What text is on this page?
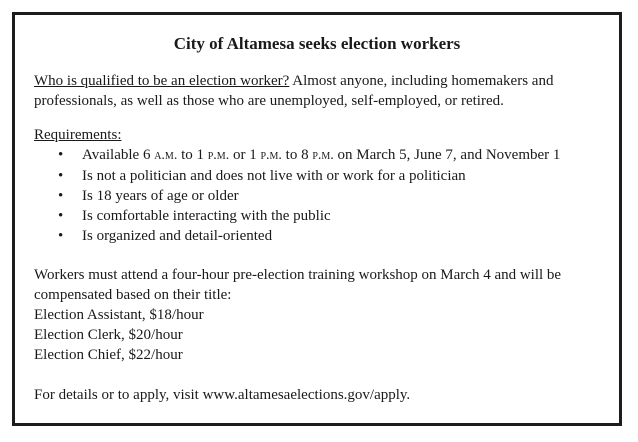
City of Altamesa seeks election workers

Who is qualified to be an election worker? Almost anyone, including homemakers and professionals, as well as those who are unemployed, self-employed, or retired.

Requirements:
• Available 6 a.m. to 1 p.m. or 1 p.m. to 8 p.m. on March 5, June 7, and November 1
• Is not a politician and does not live with or work for a politician
• Is 18 years of age or older
• Is comfortable interacting with the public
• Is organized and detail-oriented

Workers must attend a four-hour pre-election training workshop on March 4 and will be compensated based on their title:

Election Assistant, $18/hour

Election Clerk, $20/hour

Election Chief, $22/hour

For details or to apply, visit www.altamesaelections.gov/apply.
